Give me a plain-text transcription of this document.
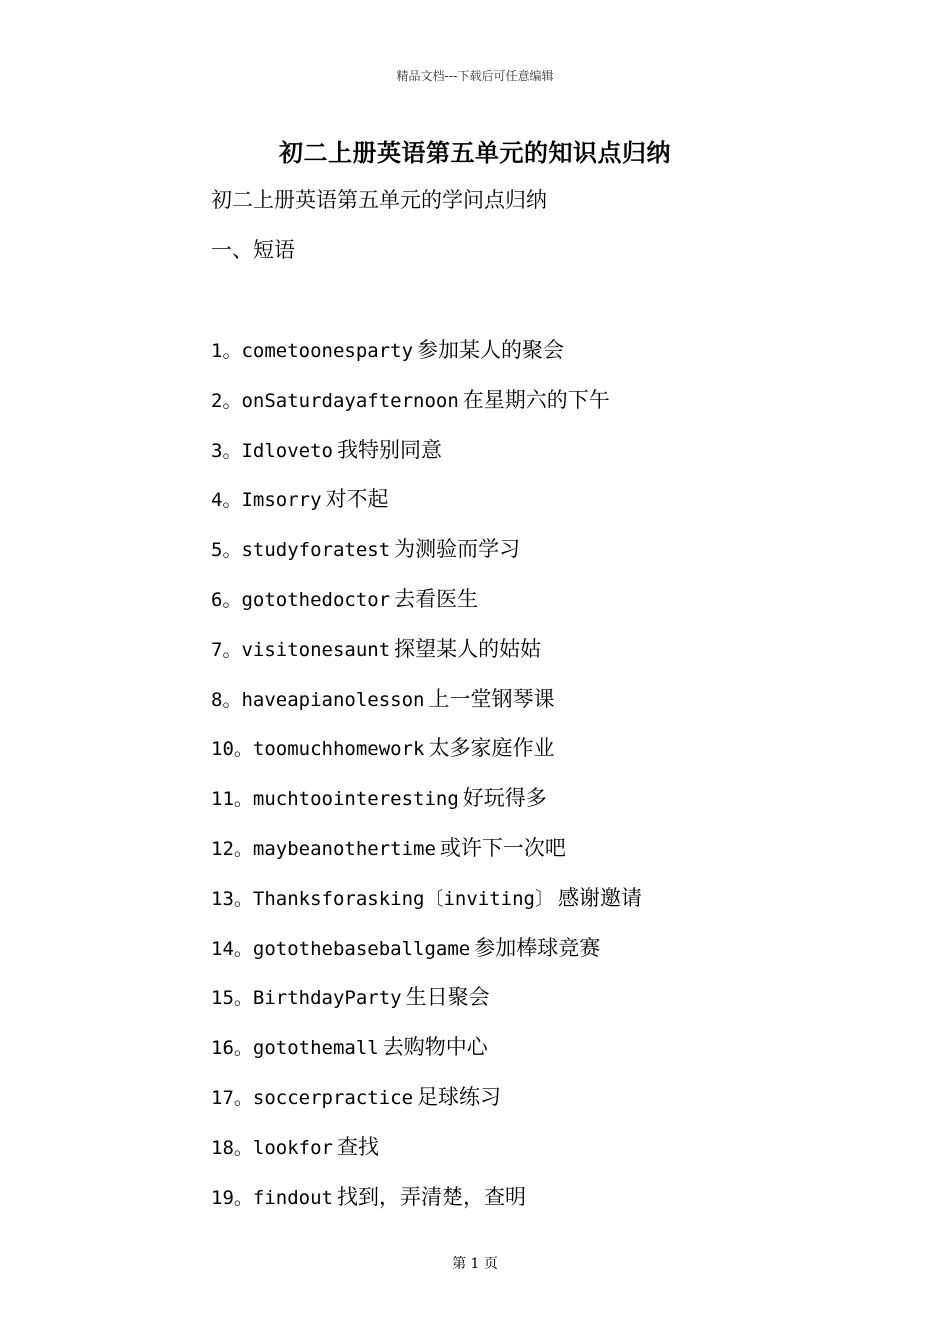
精品文档---下载后可任意编辑
初二上册英语第五单元的知识点归纳
初二上册英语第五单元的学问点归纳
一、短语
1。cometoonesparty 参加某人的聚会
2。onSaturdayafternoon 在星期六的下午
3。Idloveto 我特别同意
4。Imsorry 对不起
5。studyforatest 为测验而学习
6。gotothedoctor 去看医生
7。visitonesaunt 探望某人的姑姑
8。haveapianolesson 上一堂钢琴课
10。toomuchhomework 太多家庭作业
11。muchtoointeresting 好玩得多
12。maybeanothertime 或许下一次吧
13。Thanksforasking〔inviting〕 感谢邀请
14。gotothebaseballgame 参加棒球竞赛
15。BirthdayParty 生日聚会
16。gotothemall 去购物中心
17。soccerpractice 足球练习
18。lookfor 查找
19。findout 找到，弄清楚，查明
第 1 页
